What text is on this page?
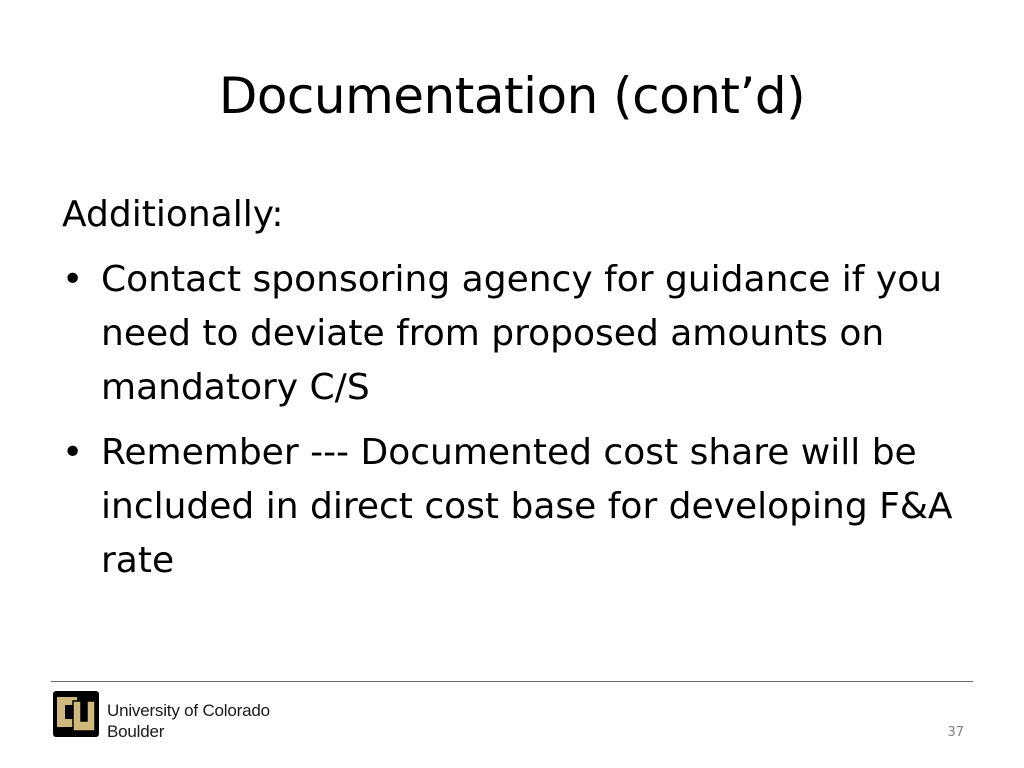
Documentation (cont’d)
Additionally:
• Contact sponsoring agency for guidance if you need to deviate from proposed amounts on mandatory C/S
• Remember --- Documented cost share will be included in direct cost base for developing F&A rate
University of Colorado
Boulder	37
